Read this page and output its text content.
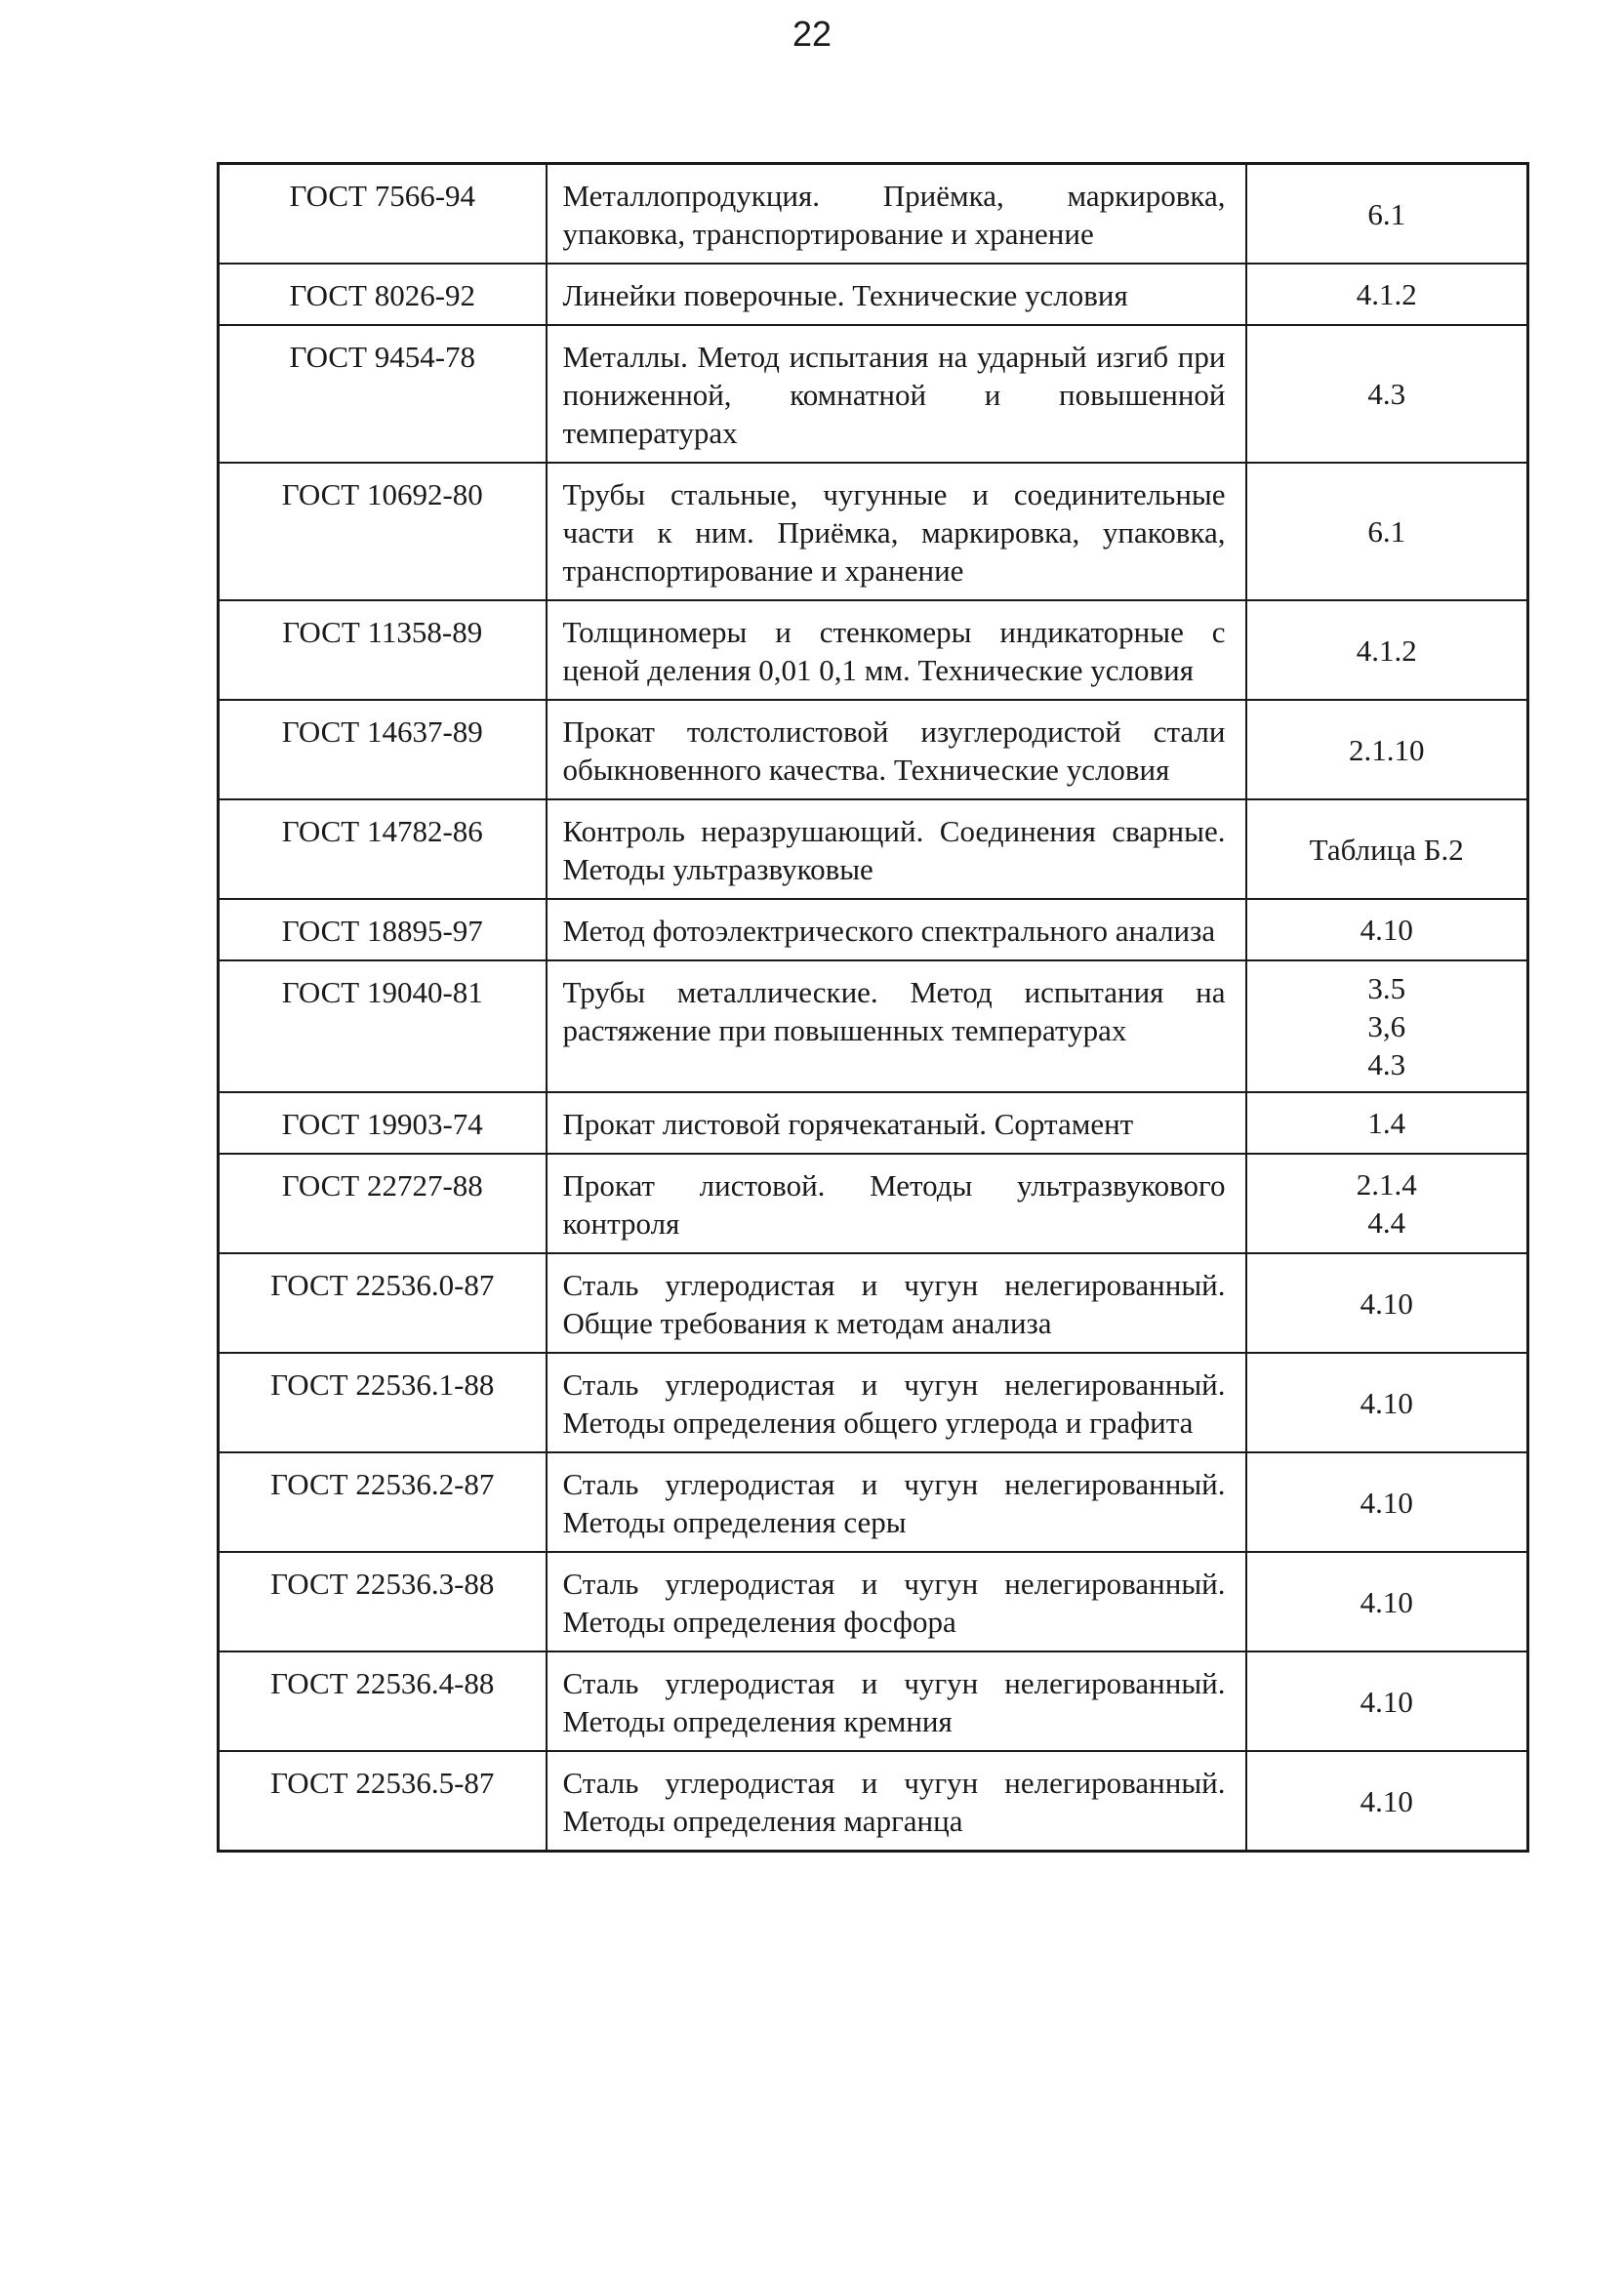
22
ГОСТ 7566-94	Металлопродукция. Приёмка, маркировка, упаковка, транспортирование и хранение	6.1

ГОСТ 8026-92	Линейки поверочные. Технические условия	4.1.2

ГОСТ 9454-78	Металлы. Метод испытания на ударный изгиб при пониженной, комнатной и повышенной температурах	4.3

ГОСТ 10692-80	Трубы стальные, чугунные и соединительные части к ним. Приёмка, маркировка, упаковка, транспортирование и хранение	6.1

ГОСТ 11358-89	Толщиномеры и стенкомеры индикаторные с ценой деления 0,01 0,1 мм. Технические условия	4.1.2

ГОСТ 14637-89	Прокат толстолистовой изуглеродистой стали обыкновенного качества. Технические условия	2.1.10

ГОСТ 14782-86	Контроль неразрушающий. Соединения сварные. Методы ультразвуковые	Таблица Б.2

ГОСТ 18895-97	Метод фотоэлектрического спектрального анализа	4.10

ГОСТ 19040-81	Трубы металлические. Метод испытания на растяжение при повышенных температурах	3.5
3,6
4.3

ГОСТ 19903-74	Прокат листовой горячекатаный. Сортамент	1.4

ГОСТ 22727-88	Прокат листовой. Методы ультразвукового контроля	2.1.4
4.4

ГОСТ 22536.0-87	Сталь углеродистая и чугун нелегированный. Общие требования к методам анализа	4.10

ГОСТ 22536.1-88	Сталь углеродистая и чугун нелегированный. Методы определения общего углерода и графита	4.10

ГОСТ 22536.2-87	Сталь углеродистая и чугун нелегированный. Методы определения серы	4.10

ГОСТ 22536.3-88	Сталь углеродистая и чугун нелегированный. Методы определения фосфора	4.10

ГОСТ 22536.4-88	Сталь углеродистая и чугун нелегированный. Методы определения кремния	4.10

ГОСТ 22536.5-87	Сталь углеродистая и чугун нелегированный. Методы определения марганца	4.10
